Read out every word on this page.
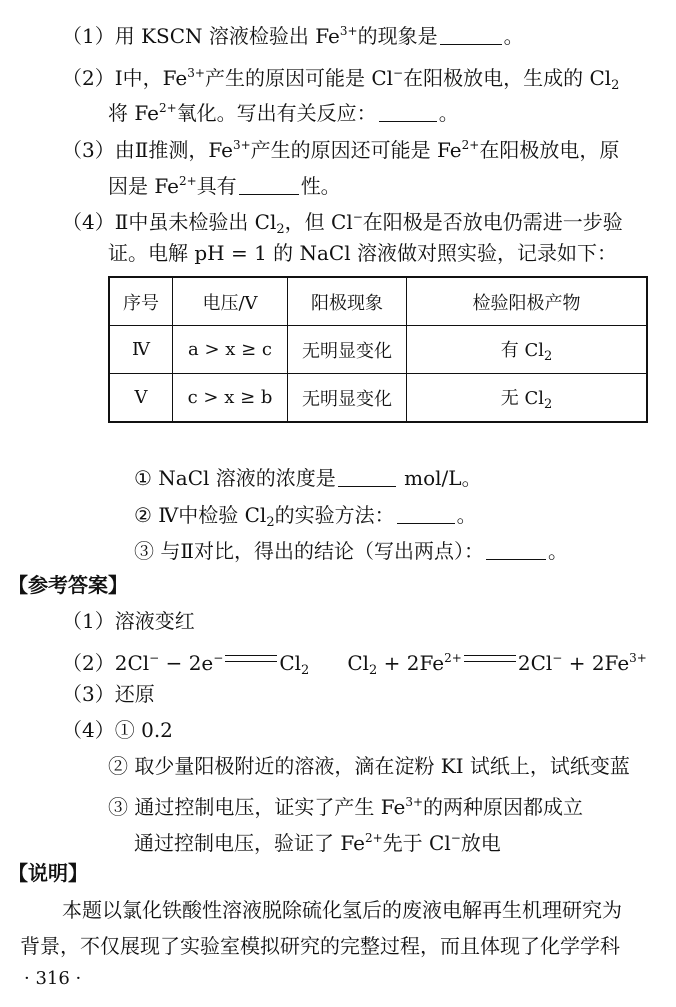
（1）用 KSCN 溶液检验出 $Fe^{3+}$的现象是	。
（2）Ⅰ中，$Fe^{3+}$产生的原因可能是 Cl−在阳极放电，生成的 $Cl_2$
将 $Fe^{2+}$氧化。写出有关反应：	。
（3）由Ⅱ推测，$Fe^{3+}$产生的原因还可能是 $Fe^{2+}$在阳极放电，原
因是 $Fe^{2+}$具有	性。
（4）Ⅱ中虽未检验出 $Cl_2$，但 Cl−在阳极是否放电仍需进一步验
证。电解 pH = 1 的 NaCl 溶液做对照实验，记录如下：
序号	电压/V	阳极现象	检验阳极产物
Ⅳ	a > x ≥ c	无明显变化	有 $Cl_2$
Ⅴ	c > x ≥ b	无明显变化	无 $Cl_2$
① NaCl 溶液的浓度是	mol/L。
② Ⅳ中检验 $Cl_2$的实验方法：	。
③ 与Ⅱ对比，得出的结论（写出两点）：	。
【参考答案】
（1）溶液变红
（2）2Cl− − 2e−	$Cl_2$ $Cl_2 + 2Fe^{2+}$	$2Cl^- + 2Fe^{3+}$
（3）还原
（4）① 0.2
② 取少量阳极附近的溶液，滴在淀粉 KI 试纸上，试纸变蓝
③ 通过控制电压，证实了产生 $Fe^{3+}$的两种原因都成立
通过控制电压，验证了 $Fe^{2+}$先于 Cl−放电
【说明】
本题以氯化铁酸性溶液脱除硫化氢后的废液电解再生机理研究为
背景，不仅展现了实验室模拟研究的完整过程，而且体现了化学学科
· 316 ·
